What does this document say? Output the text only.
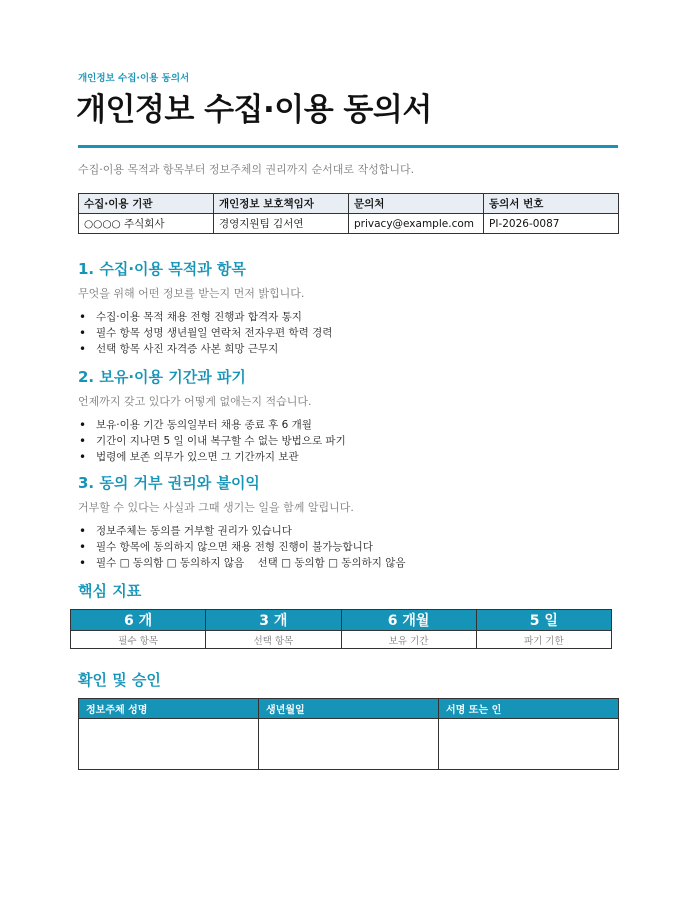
개인정보 수집·이용 동의서
개인정보 수집·이용 동의서
수집·이용 목적과 항목부터 정보주체의 권리까지 순서대로 작성합니다.
수집·이용 기관	개인정보 보호책임자	문의처	동의서 번호
○○○○ 주식회사	경영지원팀 김서연	privacy@example.com	PI-2026-0087
1. 수집·이용 목적과 항목
무엇을 위해 어떤 정보를 받는지 먼저 밝힙니다.
• 수집·이용 목적 채용 전형 진행과 합격자 통지
• 필수 항목 성명 생년월일 연락처 전자우편 학력 경력
• 선택 항목 사진 자격증 사본 희망 근무지
2. 보유·이용 기간과 파기
언제까지 갖고 있다가 어떻게 없애는지 적습니다.
• 보유·이용 기간 동의일부터 채용 종료 후 6 개월
• 기간이 지나면 5 일 이내 복구할 수 없는 방법으로 파기
• 법령에 보존 의무가 있으면 그 기간까지 보관
3. 동의 거부 권리와 불이익
거부할 수 있다는 사실과 그때 생기는 일을 함께 알립니다.
• 정보주체는 동의를 거부할 권리가 있습니다
• 필수 항목에 동의하지 않으면 채용 전형 진행이 불가능합니다
• 필수 □ 동의함 □ 동의하지 않음    선택 □ 동의함 □ 동의하지 않음
핵심 지표
6 개	3 개	6 개월	5 일
필수 항목	선택 항목	보유 기간	파기 기한
확인 및 승인
정보주체 성명	생년월일	서명 또는 인
